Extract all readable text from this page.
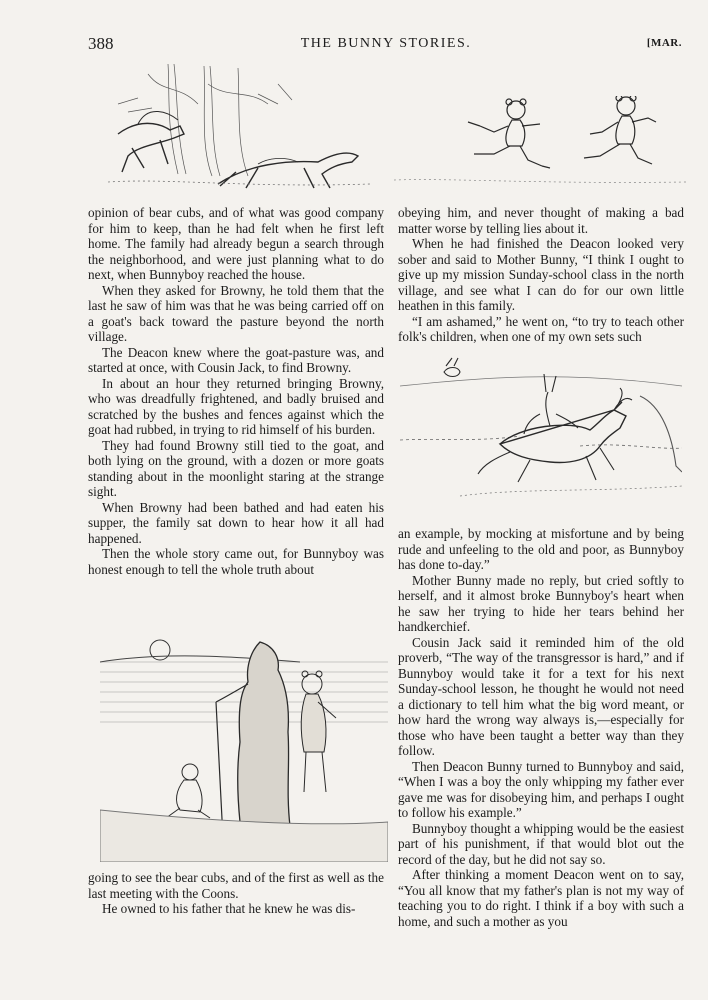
388	THE BUNNY STORIES.	[MAR.

opinion of bear cubs, and of what was good company for him to keep, than he had felt when he first left home. The family had already begun a search through the neighborhood, and were just planning what to do next, when Bunnyboy reached the house.

When they asked for Browny, he told them that the last he saw of him was that he was being carried off on a goat's back toward the pasture beyond the north village.

The Deacon knew where the goat-pasture was, and started at once, with Cousin Jack, to find Browny.

In about an hour they returned bringing Browny, who was dreadfully frightened, and badly bruised and scratched by the bushes and fences against which the goat had rubbed, in trying to rid himself of his burden.

They had found Browny still tied to the goat, and both lying on the ground, with a dozen or more goats standing about in the moonlight staring at the strange sight.

When Browny had been bathed and had eaten his supper, the family sat down to hear how it all had happened.

Then the whole story came out, for Bunnyboy was honest enough to tell the whole truth about

going to see the bear cubs, and of the first as well as the last meeting with the Coons.

He owned to his father that he knew he was dis-

obeying him, and never thought of making a bad matter worse by telling lies about it.

When he had finished the Deacon looked very sober and said to Mother Bunny, “I think I ought to give up my mission Sunday-school class in the north village, and see what I can do for our own little heathen in this family.

“I am ashamed,” he went on, “to try to teach other folk's children, when one of my own sets such

an example, by mocking at misfortune and by being rude and unfeeling to the old and poor, as Bunnyboy has done to-day.”

Mother Bunny made no reply, but cried softly to herself, and it almost broke Bunnyboy's heart when he saw her trying to hide her tears behind her handkerchief.

Cousin Jack said it reminded him of the old proverb, “The way of the transgressor is hard,” and if Bunnyboy would take it for a text for his next Sunday-school lesson, he thought he would not need a dictionary to tell him what the big word meant, or how hard the wrong way always is,—especially for those who have been taught a better way than they follow.

Then Deacon Bunny turned to Bunnyboy and said, “When I was a boy the only whipping my father ever gave me was for disobeying him, and perhaps I ought to follow his example.”

Bunnyboy thought a whipping would be the easiest part of his punishment, if that would blot out the record of the day, but he did not say so.

After thinking a moment Deacon went on to say, “You all know that my father's plan is not my way of teaching you to do right. I think if a boy with such a home, and such a mother as you
